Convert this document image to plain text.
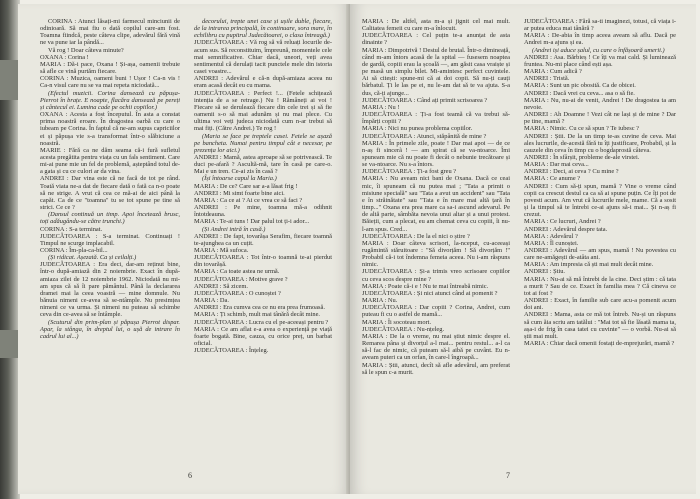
CORINA : Atunci lăsați-mi farmecul minciunii de odinioară. Să mai fiu o dată copilul care-am fost. Toamna fiindcă, peste câteva clipe, adevărul fără vină ne va pune iar la pândă...

Vă rog ! Doar câteva minute?

OXANA : Corina !

MARIA : Dă-i pace, Oxana ! Și-așa, oamenii trebuie să afle ce vină purtăm fiecare.

CORINA : Muzica, oameni buni ! Ușor ! Ca-n vis ! Ca-n visul care nu se va mai repeta niciodată...

(Efectul muzicii. Corina dansează cu păpușa-Pierrot în brațe. E noapte, flacăra dansează pe pereți și cântecul ei. Lumina cade pe ochii copiilor.)

OXANA : Acesta a fost începutul. În asta a constat prima noastră eroare. În dragostea oarbă cu care o iubeam pe Corina. În faptul că ne-am supus capriciilor ei și păpușa vie s-a transformat într-o slăbiciune a noastră.

MARIE : Fără ca ne dăm seama că-i fură sufletul acesta pregătita pentru viața cu un fals sentiment. Care mi-ai pune mie un fel de problemă, așteptând totul de-a gata și cu ce culori ar da vina.

ANDREI : Dar vina este că ne facă de tot pe rând. Toată viata ne-a dat de fiecare dată o fată ca n-o poate să ne strige. A vrut că cea ce mă-ai de aici până la capăt. Ca de ce "toamna" tu se tot spune pe tine să strici. Ce ce ?

(Dansul continuă un timp. Apoi încetează brusc, toți adăugându-se către trunchi.)

CORINA : S-a terminat.

JUDECĂTOAREA : S-a terminat. Continuați ! Timpul ne scurge implacabil.

CORINA : Îm-pla-ca-bil...

(Și ridicat. Așezată. Ca și ceilalți.)

JUDECĂTOAREA : Era deci, dar-am reținut bine, într-o după-amiază din 2 noiembrie. Exact în după-amiaza zilei de 12 noiembrie 1962. Niciodată nu mi-am spus că să îi pare pământul. Până la declararea dramei mai la ceea voastră — mine domnule. Nu bănuia nimeni ce-avea să se-ntâmple. Nu presimțea nimeni ce va urma. Și nimeni nu puteau să schimbe ceva din ce-avea să se întâmple.

(Scuturul din prim-plan și păpușa Pierrot dispar. Apar, la stânga, în dreptul lui, o ușă de intrare în cadrul lui al...)

decorului, trepte unei case și ușile duble, fiecare, de la intrarea principală, în continuare, sora mare, în echilibru cu pupitrul Judecătoarei, o clasa întreagă.)

JUDECĂTOAREA : Vă rog să vă reluați locurile de-acum sus. Să reconstituim, împreună, momentele cele mai semnificative. Chiar dacă, uneori, veți avea sentimentul că derulați tacit punctele mele din istoria casei voastre...

ANDREI : Adevărul e că-n după-amiaza aceea nu eram acasă decât eu cu mama.

JUDECĂTOAREA : Perfect !... (Fetele schițează intenția de a se retrage.) Nu ! Rămâneți ai voi ! Fiecare să se derulează fiecare din cele trei și să fie oamenii s-o să mai adunăm și nu mai plece. Cu ultima voi veți judeca niciodată cum n-ar trebui să mai fiți. (Către Andrei.) Te rog !

(Maria se face pe treptele casei. Fetele se așază pe bancheta. Numai pentru timpul cât e necesar, pe prezența lor aici.)

ANDREI : Mamă, astea aproape să se potrivească. Te duci pe-afară ? Ascultă-mă, tare în casă pe care-o. Mai e un tren. Ce-ai zis în casă ?

(Își întoarse capul la Maria.)

MARIA : De ce? Care sar a-a lăsat frig !

ANDREI : Mi simt foarte bine aici.

MARIA : Ca ce ai ? Ai ce vrea ce să faci ?

ANDREI : Pe mine, toamna mă-a odihnit întotdeauna.

MARIA : Te-ai tuns ! Dar palul tot ți-i ador...

(Și Andrei intră în casă.)

ANDREI : De fapt, tovarășa Serafim, fiecare toamnă te-ajunghea ca un cuțit.

MARIA : Mă sufoca.

JUDECĂTOAREA : Tot într-o toamnă te-ai pierdut din tovarășă.

MARIA : Ca toate astea ne urmă.

JUDECĂTOAREA : Motive grave ?

ANDREI : Să zicem.

JUDECĂTOAREA : O cunoștei ?

MARIA : Da.

ANDREI : Era cumva cea ce nu era prea frumoasă.

MARIA : Ți schimb, mult mai tânără decât mine.

JUDECĂTOAREA : Lucra cu el pe-aceeași pentru ?

MARIA : Ce am aflat e-a avea o experiență pe viață foarte bogată. Bine, cauza, cu orice preț, un barbat oficial.

JUDECĂTOAREA : Înțeleg.

6

MARIA : De altfel, asta m-a și jignit cel mai mult. Calitatea femeii cu care m-a înlocuit.

JUDECĂTOAREA : Cel puțin te-a anunțat de asta dinainte ?

MARIA : Dimpotrivă ! Destul de brutal. Într-o dimineață, când m-am întors acasă de la spital — fusesem noaptea de gardă, copiii erau la școală —, am găsit casa vraiște și pe masă un simplu bilet. Mi-amintesc perfect cuvintele. Ai să citești: spune-mi că ai doi copii. Să nu-ți cauți bărbatul. Ți le las pe ei, nu le-am dat să te va ajuta. S-a dus, că-ți ajunge...

JUDECĂTOAREA : Când ați primit scrisoarea ?

MARIA : Nu !

JUDECĂTOAREA : Ți-a fost teamă că va trebui să-împărți copiii ?

MARIA : Nici nu punea problema copiilor.

JUDECĂTOAREA : Atunci, stăpânită de mine ?

MARIA : În primele zile, poate ! Dar mai apoi — de ce n-aș fi sincerã ! — am spirat că se va-ntoarce. Îmi spuneam mie că nu poate fi decât o nebunie trecătoare și se va-ntoarce. Nu s-a întors.

JUDECĂTOAREA : Ți-a fost greu ?

MARIA : Nu aveam nici bani de Oxana. Dacă ce ceai mic, îi spuneam că nu putea mai ; "Tata a primit o misiune specială" sau "Tata a avut un accident" sau "Tata e în străinătate" sau "Tata e în mare mai altă țară în timp..." Oxana era prea mare ca sa-i ascund adevarul. Pe de altă parte, sâmbăta nevoia unui altar și a unui protest. Băieții, cum a plecat, eu am chemat ceva cu copiii, îi nu-l-am spus. Cred...

JUDECĂTOAREA : De la el nici o știre ?

MARIA : Doar câteva scrisori, la-nceput, cu-aceeași rugămintă stăruitoare : "Să divorțăm ! Să divorțăm !" Probabil că-i tot îndemna femeia aceea. Nu i-am răspuns nimic.

JUDECĂTOAREA : Și-a trimis vreo scrisoare copiilor cu ceva scos despre mine ?

MARIA : Poate că-i e ! Nu te mai întreabă nimic.

JUDECĂTOAREA : Și nici atunci când ai pomenit ?

MARIA : Nu.

JUDECĂTOAREA : Dar copiii ? Corina, Andrei, cum puteau fi cu o astfel de mamă...

MARIA : Îi socoteau mort.

JUDECĂTOAREA : Nu-nțeleg.

MARIA : De la o vreme, nu mai știut nimic despre el. Remarea pâna și divorțul a-l mai... pentru restul... a-l ca să-l fac de nimic, că puteam să-l aibă pe cuvânt. Eu n-aveam puteri ca un orfan, în care-l îngroapă...

MARIA : Știi, atunci, decît să afle adevărul, am preferat să le spun c-a murit.

JUDECĂTOAREA : Fără sa-ti imaginezi, totusi, că viața i-ar putea educa mai tânără ?

MARIA : De-abia în timp aceea aveam să aflu. Dacă pe Andrei m-a ajuns și ea.

(Andrei iși aduce șalul, cu care o înfășoară umerii.)

ANDREI : Asa. Bărbieș ! Ce îți va mai cald. Și luminează fruntea. Nu-mi place când ești așa.

MARIA : Cum adică ?

ANDREI : Tristă.

MARIA : Sunt un pic obosită. Ca de obicei.

ANDREI : Dacă vrei cu ceva... asa o să fie.

MARIA : Nu, nu-ai de venit, Andrei ! De dragostea ta am nevoie.

ANDREI : Ah Doamne ! Vezi cât ne lași și de mine ? Dar pe tine, mamă ?

MARIA : Nimic. Cu ce să spun ? Te iubesc ?

ANDREI : Știi. De la un timp te-as cuvine de ceva. Mai ales lucrurile, de-acestă fără tu îți justificare, Probabil, și la cauzele din ceva în timp cu o bogdaprostă câteva.

ANDREI : În sfârșit, probleme de-ale virstei.

MARIA : Dar mai ceva...

ANDREI : Deci, ai ceva ? Cu mine ?

MARIA : Ce anume ?

ANDREI : Cum să-ți spun, mamă ? Vine o vreme când copii ca crescut destul ca ca să ai spune puțin. Ce îți pot de povesti acum. Am vrut că lucrurile mele, mame. Că a sosit și la timpul să te întrebi ce-ai ajuns să-i mai... Și n-aș fi crezut.

MARIA : Ce lucruri, Andrei ?

ANDREI : Adevărul despre tata.

MARIA : Adevărul ?

MARIA : Îl cunoștei.

ANDREI : Adevărul — am spus, mamă ! Nu povestea cu care ne-amăgești de-atâta ani.

MARIA : Am impresia că ști mai mult decât mine.

ANDREI : Știu.

MARIA : Nu-ai să mă întrebi de la cine. Deci știm : că tata a murit ? Sau de ce. Exact în familia mea ? Că cineva ce tot ai fost ?

ANDREI : Exact, în familie sub care acu-a pomenit acum doi ani.

ANDREI : Mama, asta ce mă tot întreb. Nu-și un răspuns să cum ăia scriu am tatălui : "Mai tot să fie lăsată mama ta, așa-i de frig în casa tatei cu cuvinte" — o vorbă. Nu-ai să știi mai mult.

MARIA : Chiar dacă omenii fostați de-mprejurări, mamă ?

7
